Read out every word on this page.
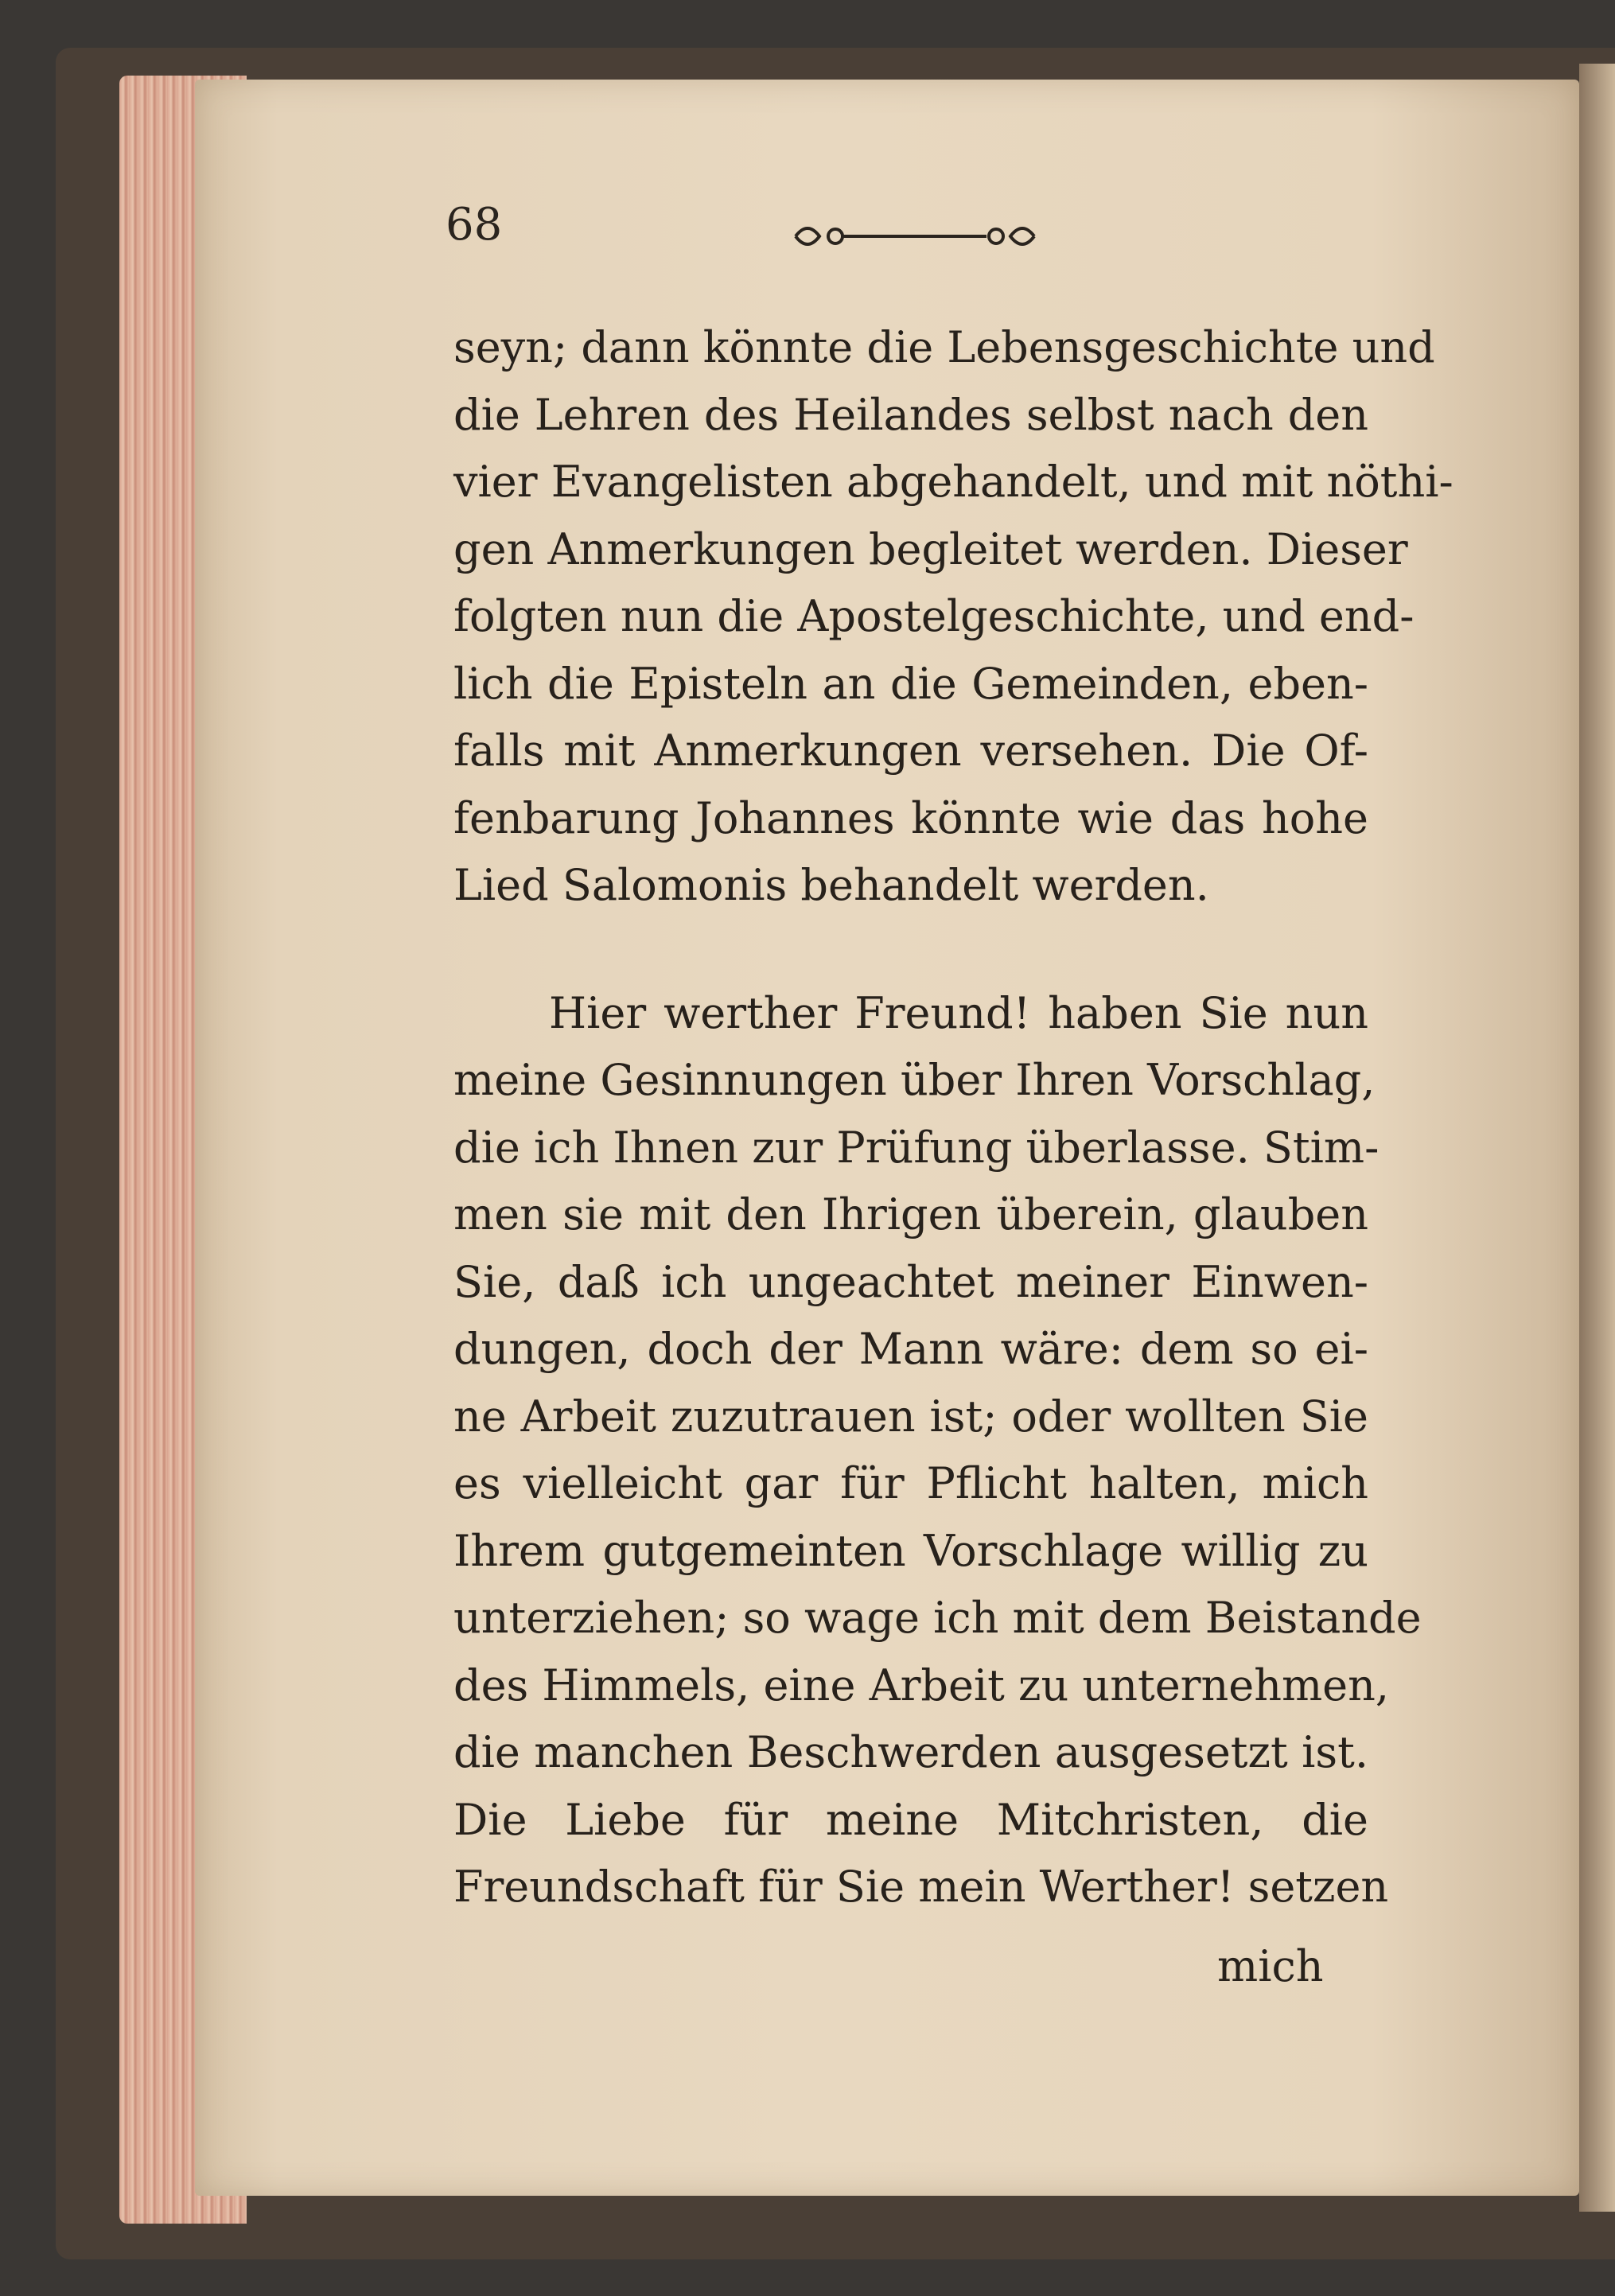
68
seyn; dann könnte die Lebensgeschichte und
die Lehren des Heilandes selbst nach den
vier Evangelisten abgehandelt, und mit nöthi-
gen Anmerkungen begleitet werden. Dieser
folgten nun die Apostelgeschichte, und end-
lich die Episteln an die Gemeinden, eben-
falls mit Anmerkungen versehen. Die Of-
fenbarung Johannes könnte wie das hohe
Lied Salomonis behandelt werden.
Hier werther Freund! haben Sie nun
meine Gesinnungen über Ihren Vorschlag,
die ich Ihnen zur Prüfung überlasse. Stim-
men sie mit den Ihrigen überein, glauben
Sie, daß ich ungeachtet meiner Einwen-
dungen, doch der Mann wäre: dem so ei-
ne Arbeit zuzutrauen ist; oder wollten Sie
es vielleicht gar für Pflicht halten, mich
Ihrem gutgemeinten Vorschlage willig zu
unterziehen; so wage ich mit dem Beistande
des Himmels, eine Arbeit zu unternehmen,
die manchen Beschwerden ausgesetzt ist.
Die Liebe für meine Mitchristen, die
Freundschaft für Sie mein Werther! setzen
mich
